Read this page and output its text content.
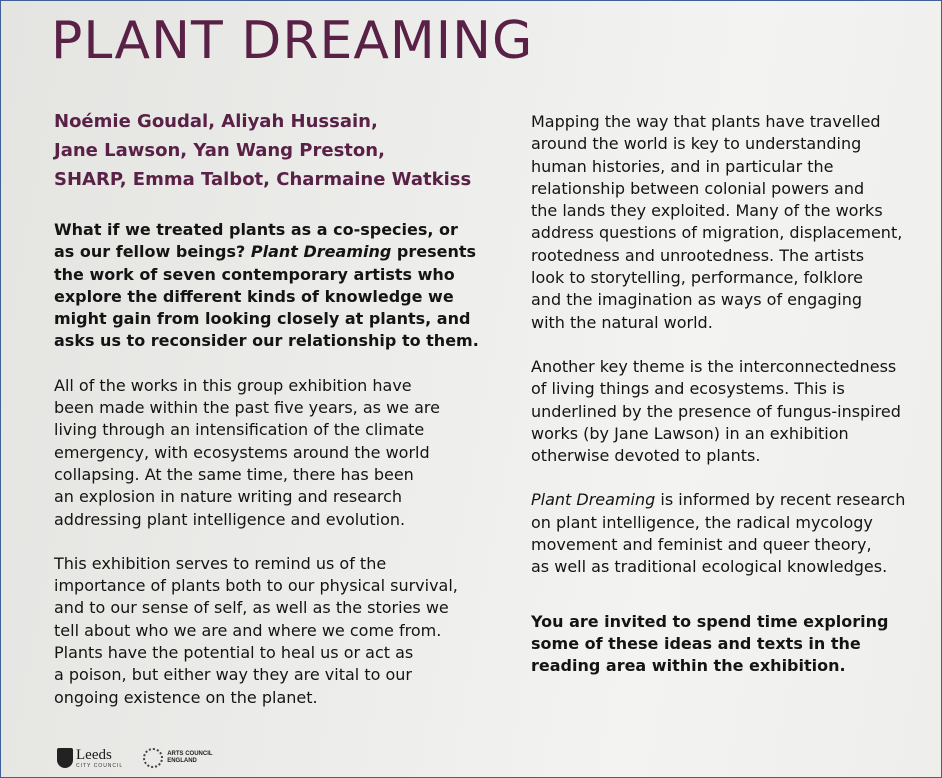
PLANT DREAMING
Noémie Goudal, Aliyah Hussain,
Jane Lawson, Yan Wang Preston,
SHARP, Emma Talbot, Charmaine Watkiss
What if we treated plants as a co-species, or
as our fellow beings? Plant Dreaming presents
the work of seven contemporary artists who
explore the different kinds of knowledge we
might gain from looking closely at plants, and
asks us to reconsider our relationship to them.
All of the works in this group exhibition have
been made within the past five years, as we are
living through an intensification of the climate
emergency, with ecosystems around the world
collapsing. At the same time, there has been
an explosion in nature writing and research
addressing plant intelligence and evolution.
This exhibition serves to remind us of the
importance of plants both to our physical survival,
and to our sense of self, as well as the stories we
tell about who we are and where we come from.
Plants have the potential to heal us or act as
a poison, but either way they are vital to our
ongoing existence on the planet.
Mapping the way that plants have travelled
around the world is key to understanding
human histories, and in particular the
relationship between colonial powers and
the lands they exploited. Many of the works
address questions of migration, displacement,
rootedness and unrootedness. The artists
look to storytelling, performance, folklore
and the imagination as ways of engaging
with the natural world.
Another key theme is the interconnectedness
of living things and ecosystems. This is
underlined by the presence of fungus-inspired
works (by Jane Lawson) in an exhibition
otherwise devoted to plants.
Plant Dreaming is informed by recent research
on plant intelligence, the radical mycology
movement and feminist and queer theory,
as well as traditional ecological knowledges.
You are invited to spend time exploring
some of these ideas and texts in the
reading area within the exhibition.
Leeds
CITY COUNCIL
ARTS COUNCIL
ENGLAND
